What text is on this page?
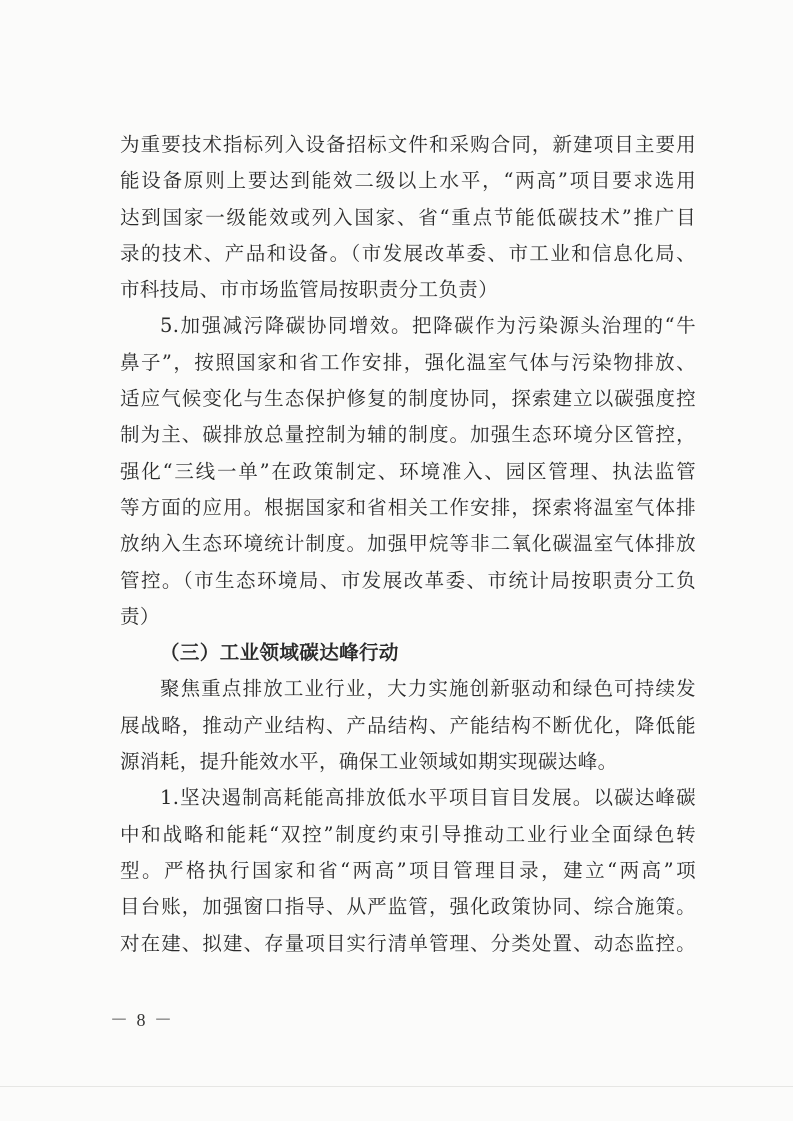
为重要技术指标列入设备招标文件和采购合同，新建项目主要用
能设备原则上要达到能效二级以上水平，“两高”项目要求选用
达到国家一级能效或列入国家、省“重点节能低碳技术”推广目
录的技术、产品和设备。（市发展改革委、市工业和信息化局、
市科技局、市市场监管局按职责分工负责）
5.加强减污降碳协同增效。把降碳作为污染源头治理的“牛
鼻子”，按照国家和省工作安排，强化温室气体与污染物排放、
适应气候变化与生态保护修复的制度协同，探索建立以碳强度控
制为主、碳排放总量控制为辅的制度。加强生态环境分区管控，
强化“三线一单”在政策制定、环境准入、园区管理、执法监管
等方面的应用。根据国家和省相关工作安排，探索将温室气体排
放纳入生态环境统计制度。加强甲烷等非二氧化碳温室气体排放
管控。（市生态环境局、市发展改革委、市统计局按职责分工负
责）
（三）工业领域碳达峰行动
聚焦重点排放工业行业，大力实施创新驱动和绿色可持续发
展战略，推动产业结构、产品结构、产能结构不断优化，降低能
源消耗，提升能效水平，确保工业领域如期实现碳达峰。
1.坚决遏制高耗能高排放低水平项目盲目发展。以碳达峰碳
中和战略和能耗“双控”制度约束引导推动工业行业全面绿色转
型。严格执行国家和省“两高”项目管理目录，建立“两高”项
目台账，加强窗口指导、从严监管，强化政策协同、综合施策。
对在建、拟建、存量项目实行清单管理、分类处置、动态监控。
－ 8 －
